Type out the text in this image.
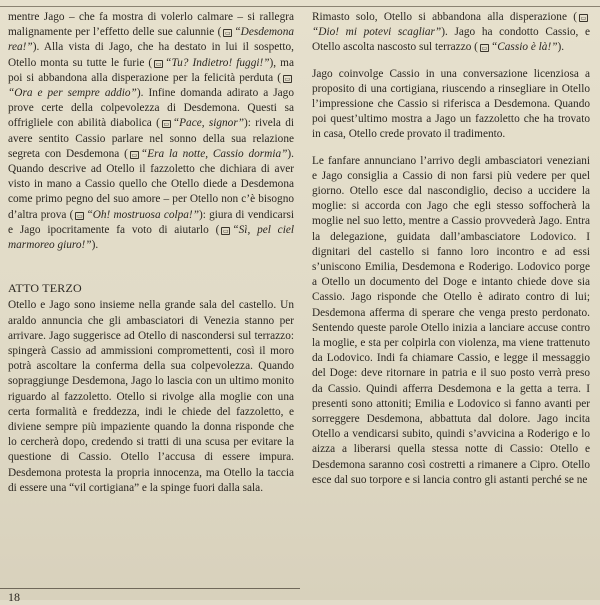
mentre Jago – che fa mostra di volerlo calmare – si rallegra malignamente per l’effetto delle sue calunnie ( ▭ “Desdemona rea!”). Alla vista di Jago, che ha destato in lui il sospetto, Otello monta su tutte le furie ( ▭ “Tu? Indietro! fuggi!”), ma poi si abbandona alla disperazione per la felicità perduta ( ▭“Ora e per sempre addio”). Infine domanda adirato a Jago prove certe della colpevolezza di Desdemona. Questi sa offrigliele con abilità diabolica ( ▭ “Pace, signor”): rivela di avere sentito Cassio parlare nel sonno della sua relazione segreta con Desdemona ( ▭ “Era la notte, Cassio dormia”). Quando descrive ad Otello il fazzoletto che dichiara di aver visto in mano a Cassio quello che Otello diede a Desdemona come primo pegno del suo amore – per Otello non c’è bisogno d’altra prova ( ▭ “Oh! mostruosa colpa!”): giura di vendicarsi e Jago ipocritamente fa voto di aiutarlo ( ▭ “Sì, pel ciel marmoreo giuro!”).

ATTO TERZO

Otello e Jago sono insieme nella grande sala del castello. Un araldo annuncia che gli ambasciatori di Venezia stanno per arrivare. Jago suggerisce ad Otello di nascondersi sul terrazzo: spingerà Cassio ad ammissioni compromettenti, così il moro potrà ascoltare la conferma della sua colpevolezza. Quando sopraggiunge Desdemona, Jago lo lascia con un ultimo monito riguardo al fazzoletto. Otello si rivolge alla moglie con una certa formalità e freddezza, indi le chiede del fazzoletto, e diviene sempre più impaziente quando la donna risponde che lo cercherà dopo, credendo si tratti di una scusa per evitare la questione di Cassio. Otello l’accusa di essere impura. Desdemona protesta la propria innocenza, ma Otello la taccia di essere una “vil cortigiana” e la spinge fuori dalla sala.

Rimasto solo, Otello si abbandona alla disperazione ( ▭“Dio! mi potevi scagliar”). Jago ha condotto Cassio, e Otello ascolta nascosto sul terrazzo ( ▭ “Cassio è là!”).

Jago coinvolge Cassio in una conversazione licenziosa a proposito di una cortigiana, riuscendo a rinsegliare in Otello l’impressione che Cassio si riferisca a Desdemona. Quando poi quest’ultimo mostra a Jago un fazzoletto che ha trovato in casa, Otello crede provato il tradimento.

Le fanfare annunciano l’arrivo degli ambasciatori veneziani e Jago consiglia a Cassio di non farsi più vedere per quel giorno. Otello esce dal nascondiglio, deciso a uccidere la moglie: si accorda con Jago che egli stesso soffocherà la moglie nel suo letto, mentre a Cassio provvederà Jago. Entra la delegazione, guidata dall’ambasciatore Lodovico. I dignitari del castello si fanno loro incontro e ad essi s’uniscono Emilia, Desdemona e Roderigo. Lodovico porge a Otello un documento del Doge e intanto chiede dove sia Cassio. Jago risponde che Otello è adirato contro di lui; Desdemona afferma di sperare che venga presto perdonato. Sentendo queste parole Otello inizia a lanciare accuse contro la moglie, e sta per colpirla con violenza, ma viene trattenuto da Lodovico. Indi fa chiamare Cassio, e legge il messaggio del Doge: deve ritornare in patria e il suo posto verrà preso da Cassio. Quindi afferra Desdemona e la getta a terra. I presenti sono attoniti; Emilia e Lodovico si fanno avanti per sorreggere Desdemona, abbattuta dal dolore. Jago incita Otello a vendicarsi subito, quindi s’avvicina a Roderigo e lo aizza a liberarsi quella stessa notte di Cassio: Otello e Desdemona saranno così costretti a rimanere a Cipro. Otello esce dal suo torpore e si lancia contro gli astanti perché se ne

18
